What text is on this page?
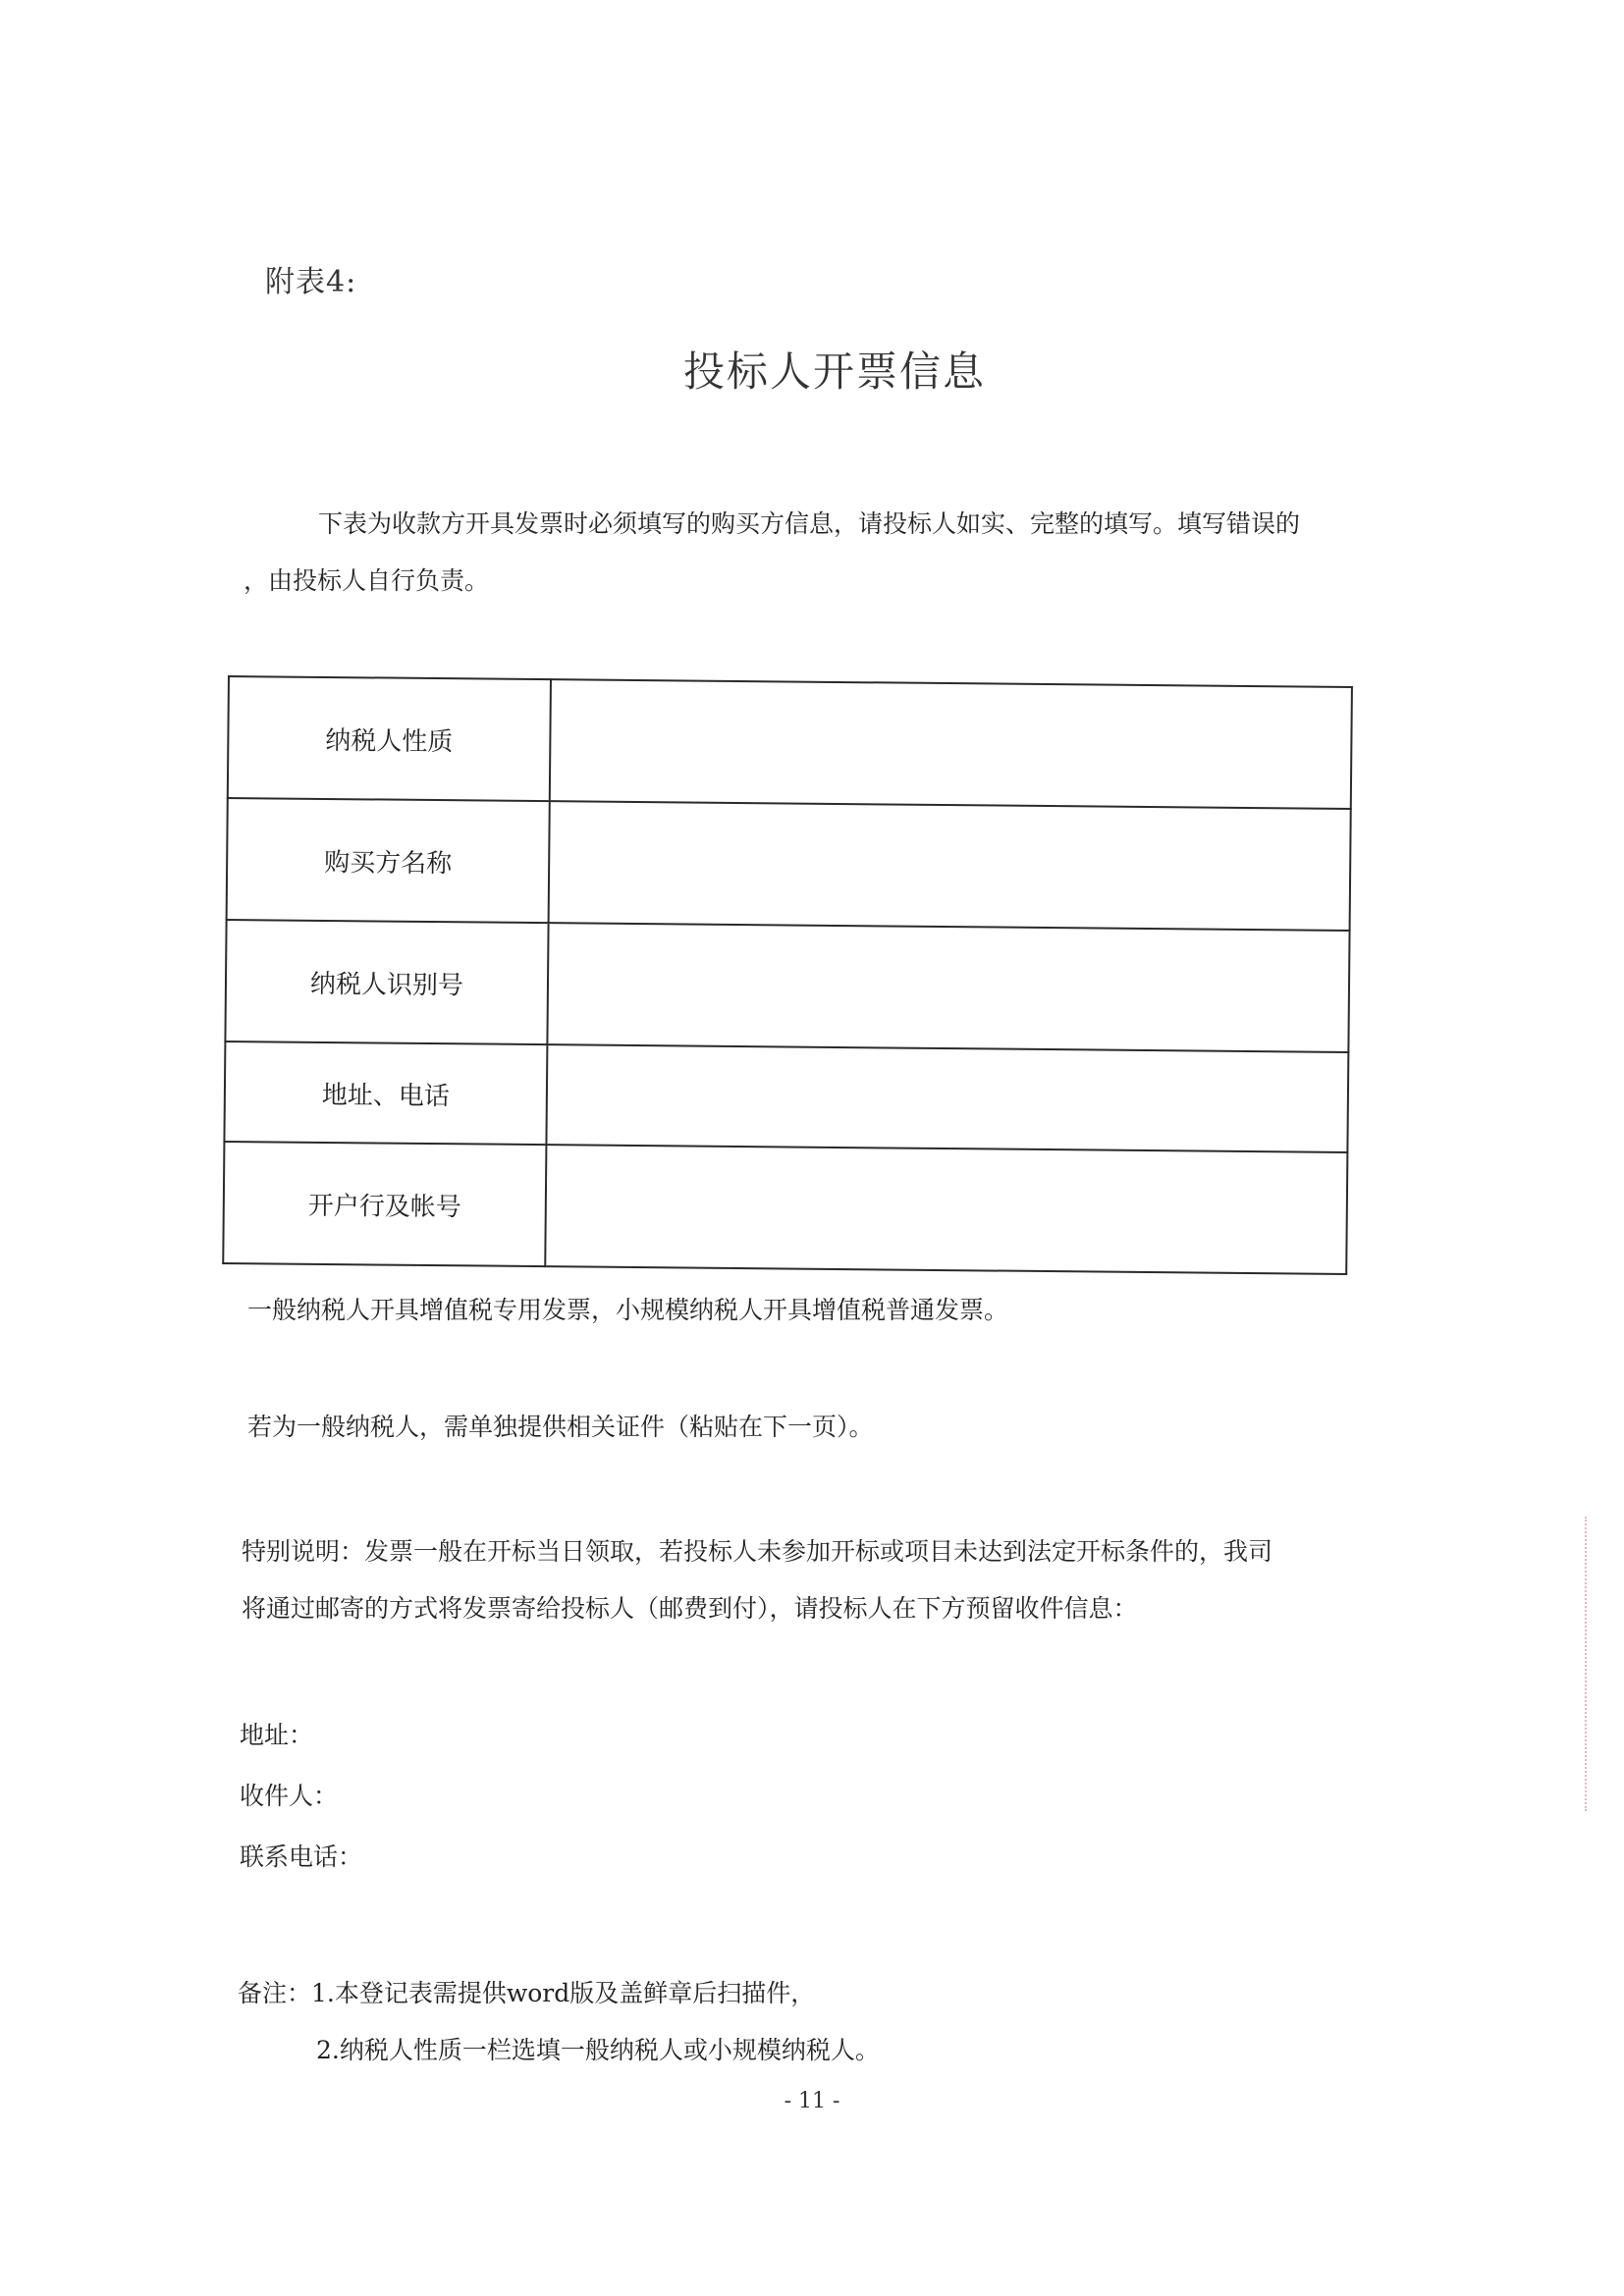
附表4:
投标人开票信息
下表为收款方开具发票时必须填写的购买方信息，请投标人如实、完整的填写。填写错误的
，由投标人自行负责。
纳税人性质	
购买方名称	
纳税人识别号	
地址、电话	
开户行及帐号	
一般纳税人开具增值税专用发票，小规模纳税人开具增值税普通发票。
若为一般纳税人，需单独提供相关证件（粘贴在下一页）。
特别说明：发票一般在开标当日领取，若投标人未参加开标或项目未达到法定开标条件的，我司
将通过邮寄的方式将发票寄给投标人（邮费到付），请投标人在下方预留收件信息：
地址：
收件人：
联系电话：
备注：1.本登记表需提供word版及盖鲜章后扫描件，
2.纳税人性质一栏选填一般纳税人或小规模纳税人。
- 11 -
